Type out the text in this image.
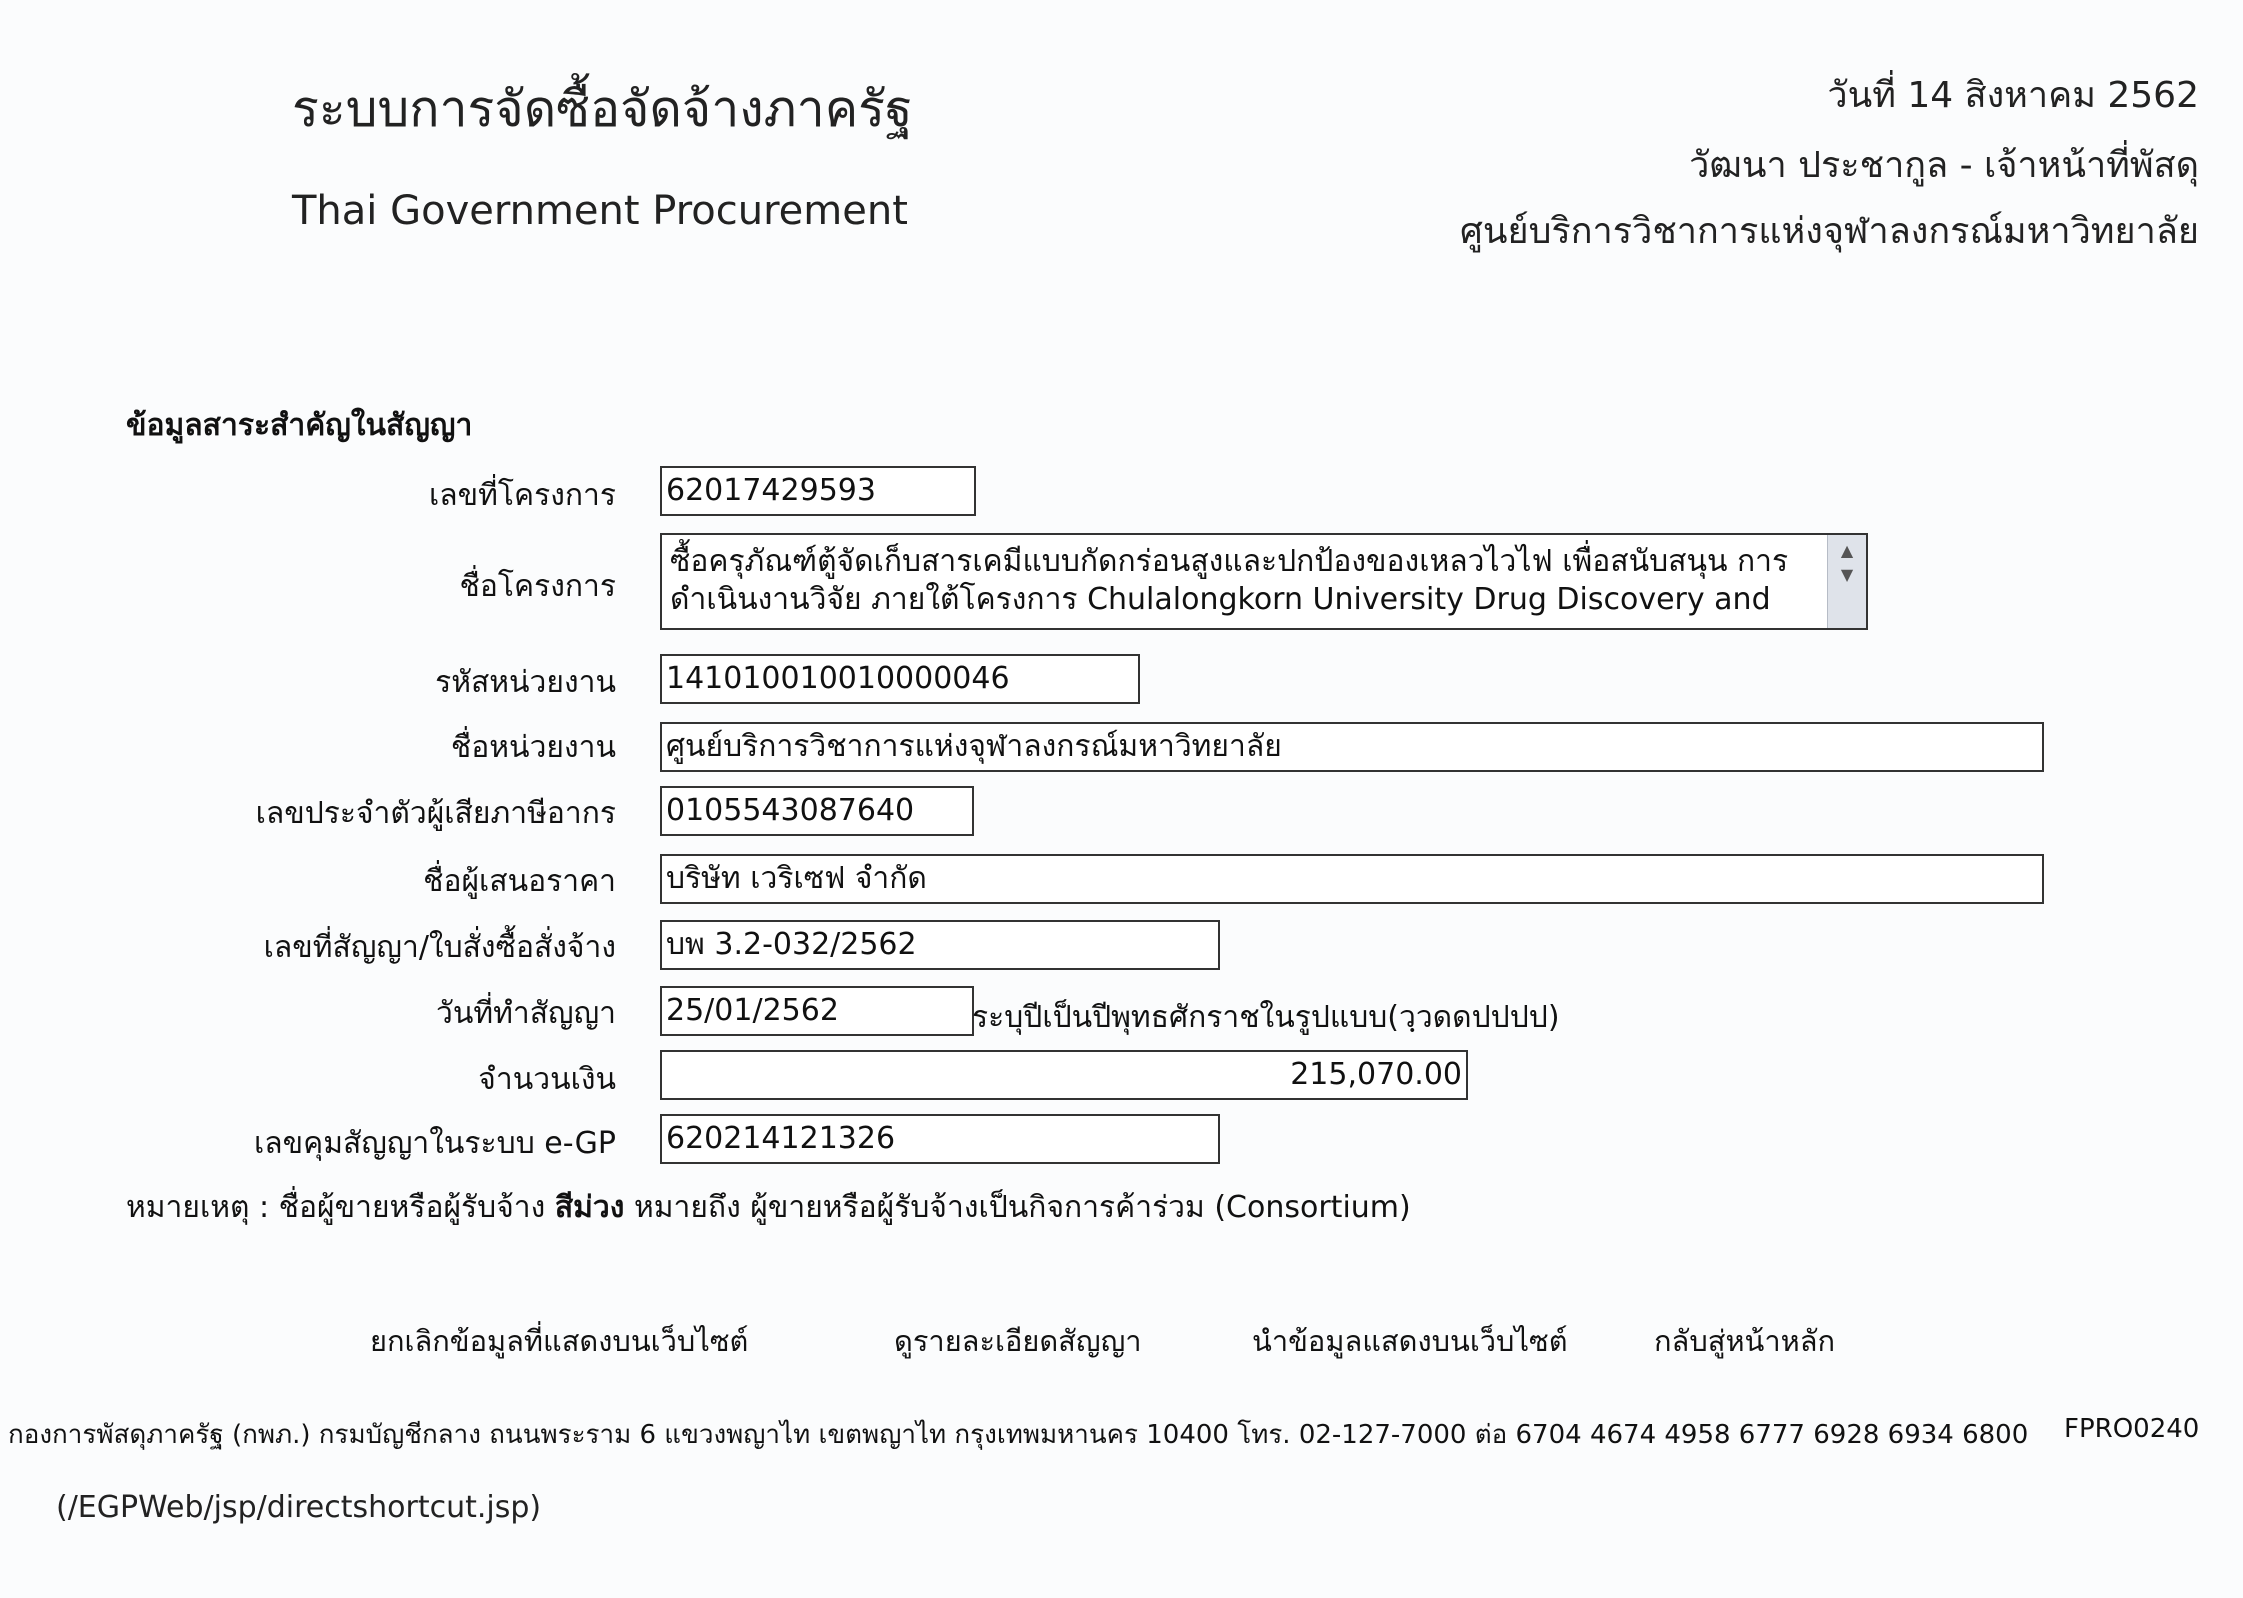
ระบบการจัดซื้อจัดจ้างภาครัฐ
Thai Government Procurement
วันที่ 14 สิงหาคม 2562
วัฒนา ประชากูล - เจ้าหน้าที่พัสดุ
ศูนย์บริการวิชาการแห่งจุฬาลงกรณ์มหาวิทยาลัย
ข้อมูลสาระสำคัญในสัญญา
เลขที่โครงการ 62017429593
ชื่อโครงการ
ซื้อครุภัณฑ์ตู้จัดเก็บสารเคมีแบบกัดกร่อนสูงและปกป้องของเหลวไวไฟ เพื่อสนับสนุน การดำเนินงานวิจัย ภายใต้โครงการ Chulalongkorn University Drug Discovery and
▲
▼
รหัสหน่วยงาน 141010010010000046
ชื่อหน่วยงาน ศูนย์บริการวิชาการแห่งจุฬาลงกรณ์มหาวิทยาลัย
เลขประจำตัวผู้เสียภาษีอากร 0105543087640
ชื่อผู้เสนอราคา บริษัท เวริเซฟ จำกัด
เลขที่สัญญา/ใบสั่งซื้อสั่งจ้าง บพ 3.2-032/2562
วันที่ทำสัญญา 25/01/2562	ระบุปีเป็นปีพุทธศักราชในรูปแบบ(วฺวดดปปปป)
จำนวนเงิน	215,070.00
เลขคุมสัญญาในระบบ e-GP 620214121326
หมายเหตุ : ชื่อผู้ขายหรือผู้รับจ้าง สีม่วง หมายถึง ผู้ขายหรือผู้รับจ้างเป็นกิจการค้าร่วม (Consortium)
ยกเลิกข้อมูลที่แสดงบนเว็บไซต์	ดูรายละเอียดสัญญา	นำข้อมูลแสดงบนเว็บไซต์	กลับสู่หน้าหลัก
กองการพัสดุภาครัฐ (กพภ.) กรมบัญชีกลาง ถนนพระราม 6 แขวงพญาไท เขตพญาไท กรุงเทพมหานคร 10400 โทร. 02-127-7000 ต่อ 6704 4674 4958 6777 6928 6934 6800 FPRO0240
(/EGPWeb/jsp/directshortcut.jsp)
